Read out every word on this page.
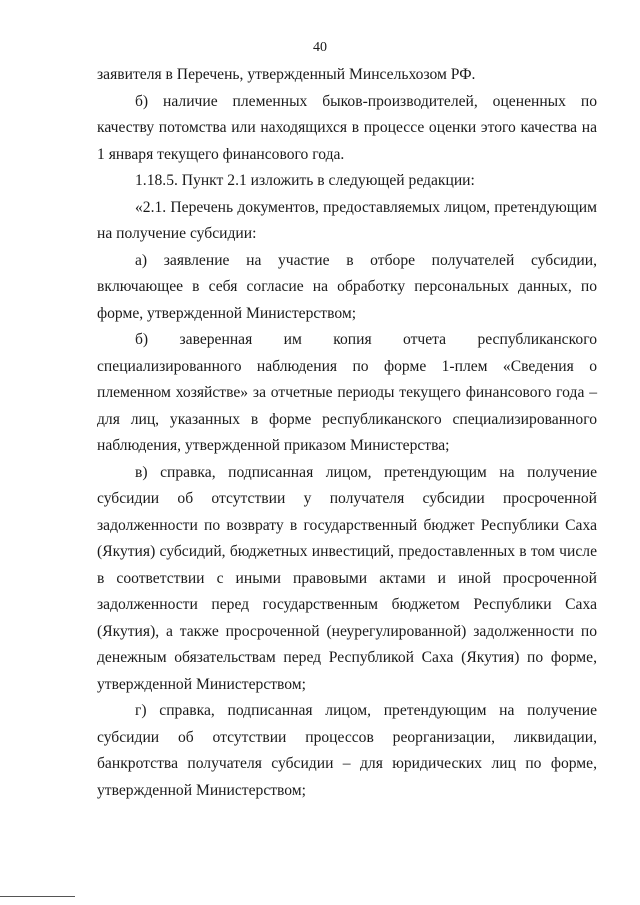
40

заявителя в Перечень, утвержденный Минсельхозом РФ.

б) наличие племенных быков-производителей, оцененных по качеству потомства или находящихся в процессе оценки этого качества на 1 января текущего финансового года.

1.18.5. Пункт 2.1 изложить в следующей редакции:

«2.1. Перечень документов, предоставляемых лицом, претендующим на получение субсидии:

а) заявление на участие в отборе получателей субсидии, включающее в себя согласие на обработку персональных данных, по форме, утвержденной Министерством;

б) заверенная им копия отчета республиканского специализированного наблюдения по форме 1-плем «Сведения о племенном хозяйстве» за отчетные периоды текущего финансового года – для лиц, указанных в форме республиканского специализированного наблюдения, утвержденной приказом Министерства;

в) справка, подписанная лицом, претендующим на получение субсидии об отсутствии у получателя субсидии просроченной задолженности по возврату в государственный бюджет Республики Саха (Якутия) субсидий, бюджетных инвестиций, предоставленных в том числе в соответствии с иными правовыми актами и иной просроченной задолженности перед государственным бюджетом Республики Саха (Якутия), а также просроченной (неурегулированной) задолженности по денежным обязательствам перед Республикой Саха (Якутия) по форме, утвержденной Министерством;

г) справка, подписанная лицом, претендующим на получение субсидии об отсутствии процессов реорганизации, ликвидации, банкротства получателя субсидии – для юридических лиц по форме, утвержденной Министерством;
